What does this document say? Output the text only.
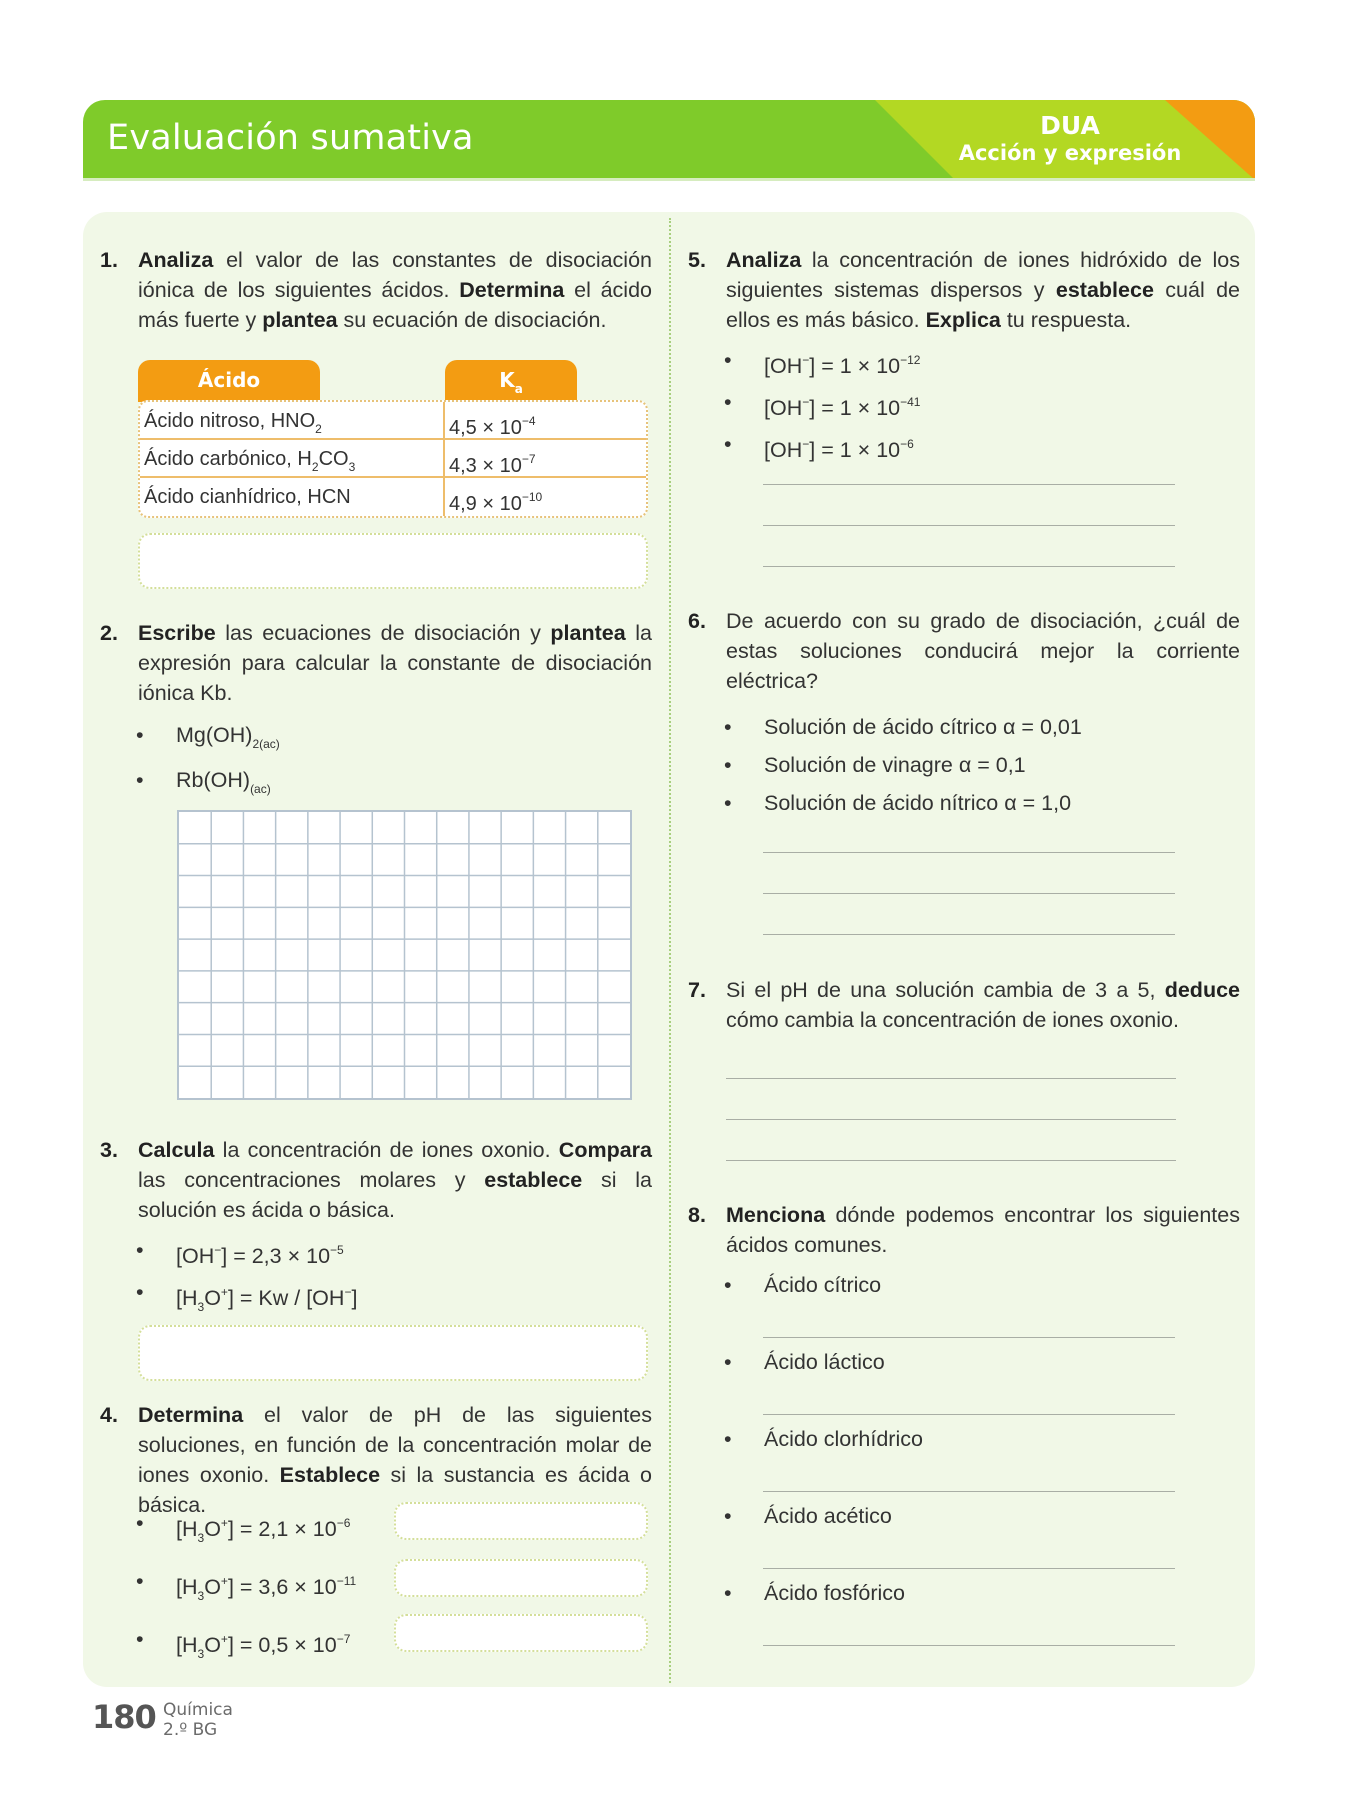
Evaluación sumativa	DUA
Acción y expresión
1. Analiza el valor de las constantes de disociación iónica de los siguientes ácidos. Determina el ácido más fuerte y plantea su ecuación de disociación.
Ácido	$K_a$
Ácido nitroso, $HNO_2$	$4,5 \times 10^{-4}$
Ácido carbónico, $H_2CO_3$	$4,3 \times 10^{-7}$
Ácido cianhídrico, HCN	$4,9 \times 10^{-10}$
2. Escribe las ecuaciones de disociación y plantea la expresión para calcular la constante de disociación iónica Kb.
• $Mg(OH)_{2(ac)}$
• $Rb(OH)_{(ac)}$
3. Calcula la concentración de iones oxonio. Compara las concentraciones molares y establece si la solución es ácida o básica.
• $[OH^-] = 2,3 \times 10^{-5}$
• $[H_3O^+] = Kw / [OH^-]$
4. Determina el valor de pH de las siguientes soluciones, en función de la concentración molar de iones oxonio. Establece si la sustancia es ácida o básica.
• $[H_3O^+] = 2,1 \times 10^{-6}$
• $[H_3O^+] = 3,6 \times 10^{-11}$
• $[H_3O^+] = 0,5 \times 10^{-7}$
5. Analiza la concentración de iones hidróxido de los siguientes sistemas dispersos y establece cuál de ellos es más básico. Explica tu respuesta.
• $[OH^-] = 1 \times 10^{-12}$
• $[OH^-] = 1 \times 10^{-41}$
• $[OH^-] = 1 \times 10^{-6}$
6. De acuerdo con su grado de disociación, ¿cuál de estas soluciones conducirá mejor la corriente eléctrica?
• Solución de ácido cítrico α = 0,01
• Solución de vinagre α = 0,1
• Solución de ácido nítrico α = 1,0
7. Si el pH de una solución cambia de 3 a 5, deduce cómo cambia la concentración de iones oxonio.
8. Menciona dónde podemos encontrar los siguientes ácidos comunes.
• Ácido cítrico
• Ácido láctico
• Ácido clorhídrico
• Ácido acético
• Ácido fosfórico
180 Química
2.º BG
